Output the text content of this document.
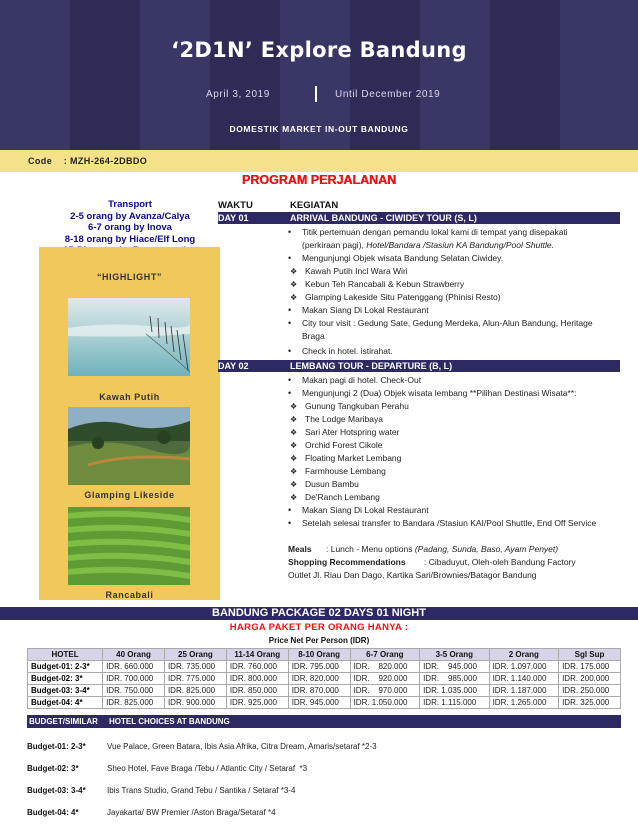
‘2D1N’ Explore Bandung
April 3, 2019	Until December 2019
DOMESTIK MARKET IN-OUT BANDUNG
Code    : MZH-264-2DBDO
PROGRAM PERJALANAN
Transport
2-5 orang by Avanza/Calya
6-7 orang by Inova
8-18 orang by Hiace/Elf Long
“HIGHLIGHT”
Kawah Putih
Glamping Likeside
Rancabali
WAKTU	KEGIATAN
DAY 01	ARRIVAL BANDUNG - CIWIDEY TOUR (S, L)
• Titik pertemuan dengan pemandu lokal kami di tempat yang disepakati
(perkiraan pagi), Hotel/Bandara /Stasiun KA Bandung/Pool Shuttle.
• Mengunjungi Objek wisata Bandung Selatan Ciwidey.
❖ Kawah Putih Incl Wara Wiri
❖ Kebun Teh Rancabali & Kebun Strawberry
❖ Glamping Lakeside Situ Patenggang (Phinisi Resto)
• Makan Siang Di Lokal Restaurant
• City tour visit : Gedung Sate, Gedung Merdeka, Alun-Alun Bandung, Heritage Braga
• Check in hotel. istirahat.
DAY 02	LEMBANG TOUR - DEPARTURE (B, L)
• Makan pagi di hotel. Check-Out
• Mengunjungi 2 (Dua) Objek wisata lembang **Pilihan Destinasi Wisata**:
❖ Gunung Tangkuban Perahu
❖ The Lodge Maribaya
❖ Sari Ater Hotspring water
❖ Orchid Forest Cikole
❖ Floating Market Lembang
❖ Farmhouse Lembang
❖ Dusun Bambu
❖ De'Ranch Lembang
• Makan Siang Di Lokal Restaurant
• Setelah selesai transfer to Bandara /Stasiun KAI/Pool Shuttle, End Off Service
Meals : Lunch - Menu options (Padang, Sunda, Baso, Ayam Penyet)
Shopping Recommendations : Cibaduyut, Oleh-oleh Bandung Factory
Outlet Jl. Riau Dan Dago, Kartika Sari/Brownies/Batagor Bandung
BANDUNG PACKAGE 02 DAYS 01 NIGHT
HARGA PAKET PER ORANG HANYA :
Price Net Per Person (IDR)
HOTEL	40 Orang	25 Orang	11-14 Orang	8-10 Orang	6-7 Orang	3-5 Orang	2 Orang	Sgl Sup
Budget-01: 2-3*	IDR. 660.000	IDR. 735.000	IDR. 760.000	IDR. 795.000	IDR.    820.000	IDR.    945.000	IDR. 1.097.000	IDR. 175.000
Budget-02: 3*	IDR. 700.000	IDR. 775.000	IDR. 800.000	IDR. 820.000	IDR.    920.000	IDR.    985.000	IDR. 1.140.000	IDR. 200.000
Budget-03: 3-4*	IDR. 750.000	IDR. 825.000	IDR. 850.000	IDR. 870.000	IDR.    970.000	IDR. 1.035.000	IDR. 1.187.000	IDR. 250.000
Budget-04: 4*	IDR. 825.000	IDR. 900.000	IDR. 925.000	IDR. 945.000	IDR. 1.050.000	IDR. 1.115.000	IDR. 1.265.000	IDR. 325.000
BUDGET/SIMILAR HOTEL CHOICES AT BANDUNG
Budget-01: 2-3*	Vue Palace, Green Batara, Ibis Asia Afrika, Citra Dream, Amaris/setaraf *2-3
Budget-02: 3*	Sheo Hotel, Fave Braga /Tebu / Atlantic City / Setaraf  *3
Budget-03: 3-4*	Ibis Trans Studio, Grand Tebu / Santika / Setaraf *3-4
Budget-04: 4*	Jayakarta/ BW Premier /Aston Braga/Setaraf *4
